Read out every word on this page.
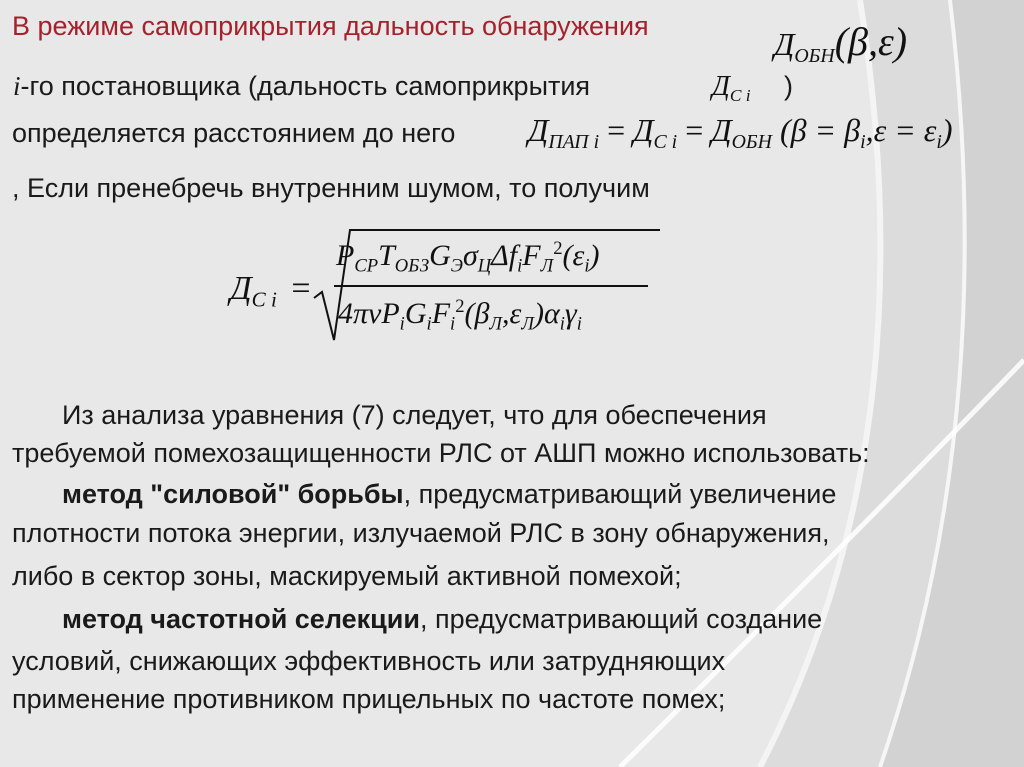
В режиме самоприкрытия дальность обнаружения	$Д_{ОБН}(\beta,\varepsilon)$
i-го постановщика (дальность самоприкрытия	$Д_{С i}$ )
определяется расстоянием до него $Д_{ПАП i} = Д_{С i} = Д_{ОБН}$ $(\beta = \beta_i,\varepsilon = \varepsilon_i)$
, Если пренебречь внутренним шумом, то получим
$Д_{С i}$ =
$P_{СР}T_{ОБЗ}G_Э\sigma_Ц\Delta f_iF_Л^2(\varepsilon_i)$
$4\pi\nu P_iG_iF_i^2(\beta_Л,\varepsilon_Л)\alpha_i\gamma_i$
Из анализа уравнения (7) следует, что для обеспечения
требуемой помехозащищенности РЛС от АШП можно использовать:
метод "силовой" борьбы, предусматривающий увеличение
плотности потока энергии, излучаемой РЛС в зону обнаружения,
либо в сектор зоны, маскируемый активной помехой;
метод частотной селекции, предусматривающий создание
условий, снижающих эффективность или затрудняющих
применение противником прицельных по частоте помех;
